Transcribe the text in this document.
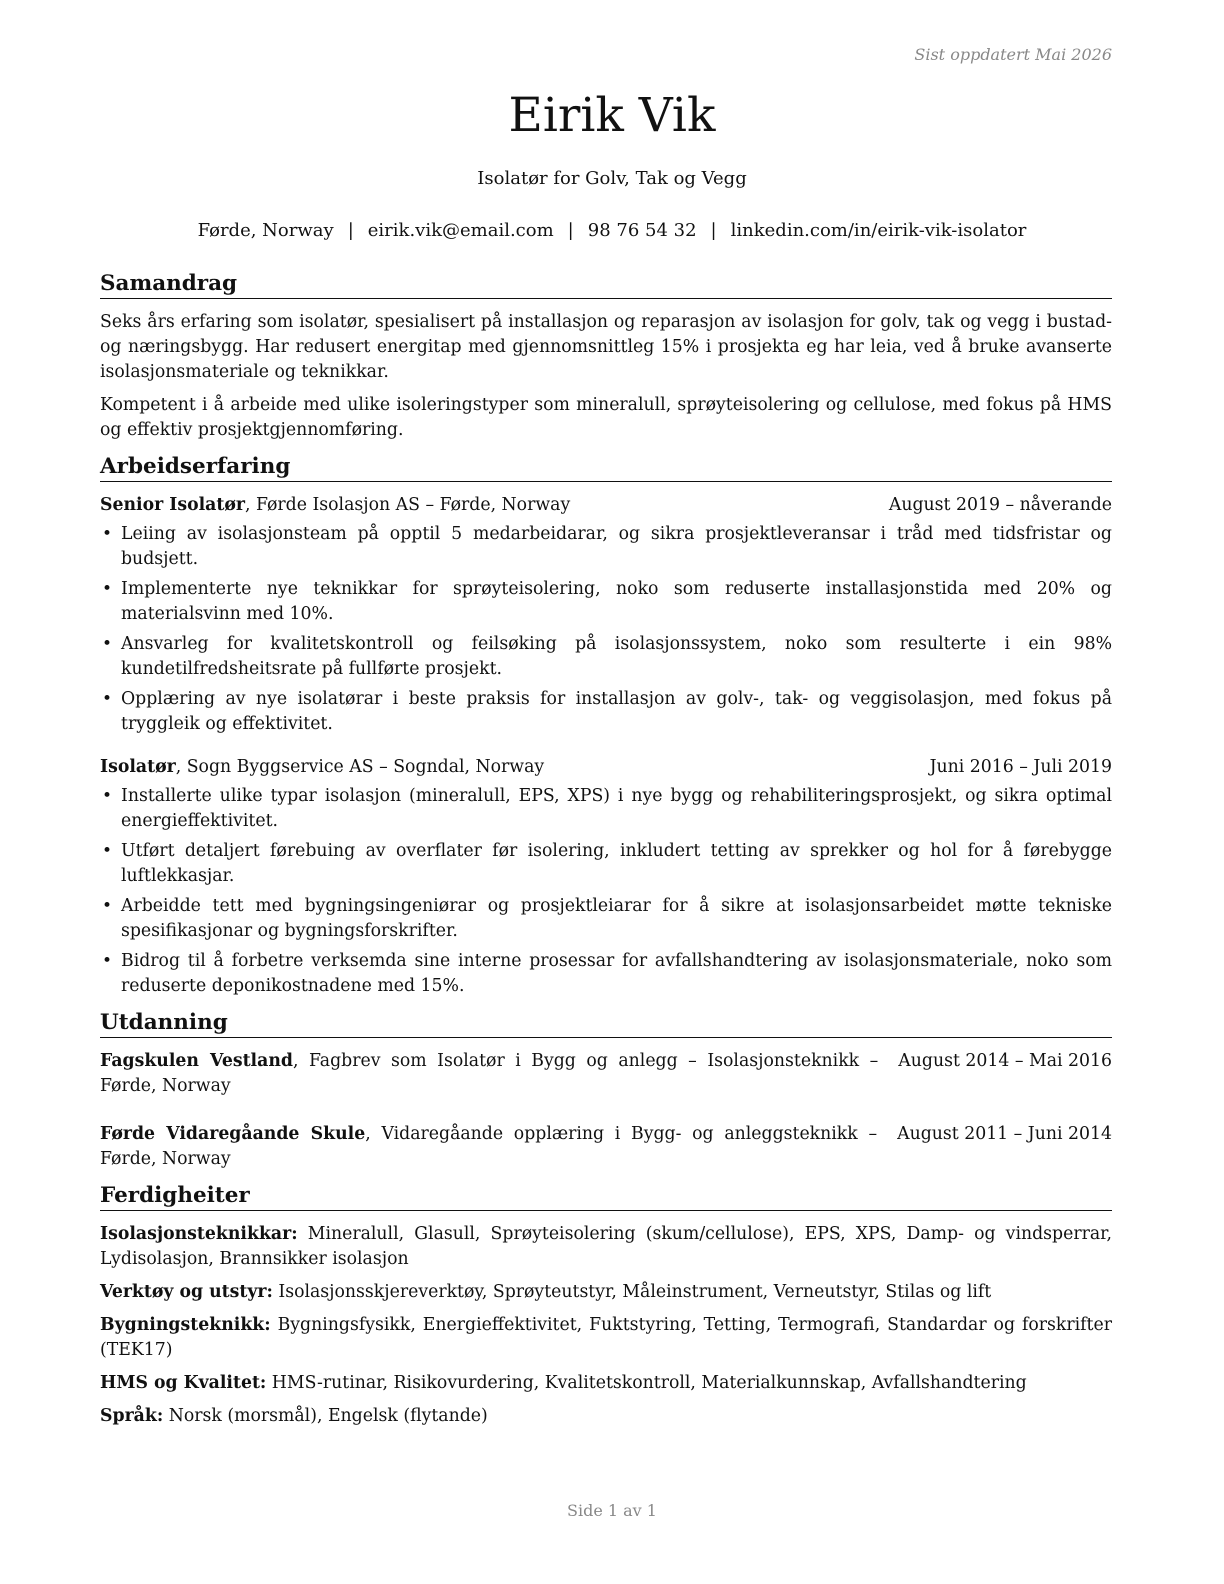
Sist oppdatert Mai 2026
Eirik Vik
Isolatør for Golv, Tak og Vegg
Førde, Norway | eirik.vik@email.com | 98 76 54 32 | linkedin.com/in/eirik-vik-isolator
Samandrag

Seks års erfaring som isolatør, spesialisert på installasjon og reparasjon av isolasjon for golv, tak og vegg i bustad- og næringsbygg. Har redusert energitap med gjennomsnittleg 15% i prosjekta eg har leia, ved å bruke avanserte isolasjonsmateriale og teknikkar.

Kompetent i å arbeide med ulike isoleringstyper som mineralull, sprøyteisolering og cellulose, med fokus på HMS og effektiv prosjektgjennomføring.

Arbeidserfaring
Senior Isolatør, Førde Isolasjon AS – Førde, Norway	August 2019 – nåverande
• Leiing av isolasjonsteam på opptil 5 medarbeidarar, og sikra prosjektleveransar i tråd med tidsfristar og budsjett.
• Implementerte nye teknikkar for sprøyteisolering, noko som reduserte installasjonstida med 20% og materialsvinn med 10%.
• Ansvarleg for kvalitetskontroll og feilsøking på isolasjonssystem, noko som resulterte i ein 98% kundetilfredsheitsrate på fullførte prosjekt.
• Opplæring av nye isolatørar i beste praksis for installasjon av golv-, tak- og veggisolasjon, med fokus på tryggleik og effektivitet.
Isolatør, Sogn Byggservice AS – Sogndal, Norway	Juni 2016 – Juli 2019
• Installerte ulike typar isolasjon (mineralull, EPS, XPS) i nye bygg og rehabiliteringsprosjekt, og sikra optimal energieffektivitet.
• Utført detaljert førebuing av overflater før isolering, inkludert tetting av sprekker og hol for å førebygge luftlekkasjar.
• Arbeidde tett med bygningsingeniørar og prosjektleiarar for å sikre at isolasjonsarbeidet møtte tekniske spesifikasjonar og bygningsforskrifter.
• Bidrog til å forbetre verksemda sine interne prosessar for avfallshandtering av isolasjonsmateriale, noko som reduserte deponikostnadene med 15%.
Utdanning
Fagskulen Vestland, Fagbrev som Isolatør i Bygg og anlegg – Isolasjonsteknikk – Førde, Norway
August 2014 – Mai 2016
Førde Vidaregåande Skule, Vidaregåande opplæring i Bygg- og anleggsteknikk – Førde, Norway
August 2011 – Juni 2014
Ferdigheiter
Isolasjonsteknikkar: Mineralull, Glasull, Sprøyteisolering (skum/cellulose), EPS, XPS, Damp- og vindsperrar, Lydisolasjon, Brannsikker isolasjon
Verktøy og utstyr: Isolasjonsskjereverktøy, Sprøyteutstyr, Måleinstrument, Verneutstyr, Stilas og lift
Bygningsteknikk: Bygningsfysikk, Energieffektivitet, Fuktstyring, Tetting, Termografi, Standardar og forskrifter (TEK17)
HMS og Kvalitet: HMS-rutinar, Risikovurdering, Kvalitetskontroll, Materialkunnskap, Avfallshandtering
Språk: Norsk (morsmål), Engelsk (flytande)
Side 1 av 1
